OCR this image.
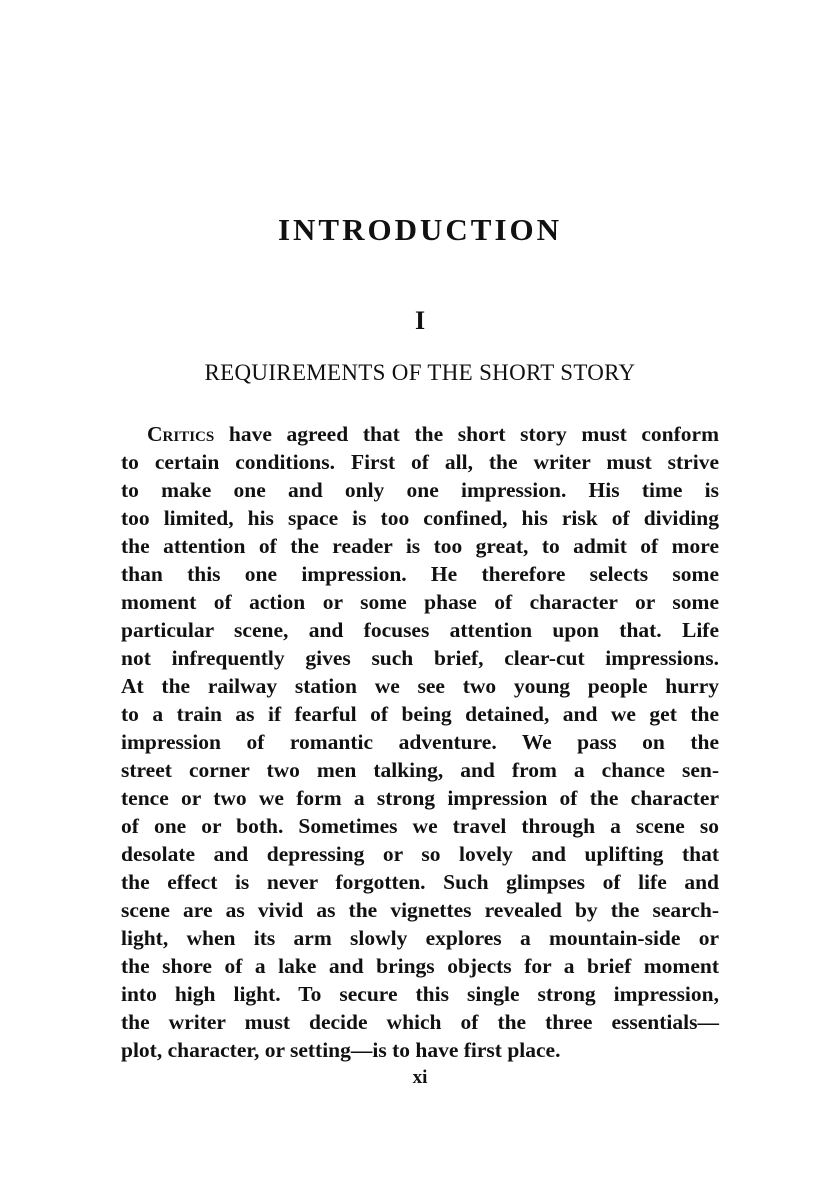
INTRODUCTION
I
REQUIREMENTS OF THE SHORT STORY
Critics have agreed that the short story must conform
to certain conditions. First of all, the writer must strive
to make one and only one impression. His time is
too limited, his space is too confined, his risk of dividing
the attention of the reader is too great, to admit of more
than this one impression. He therefore selects some
moment of action or some phase of character or some
particular scene, and focuses attention upon that. Life
not infrequently gives such brief, clear-cut impressions.
At the railway station we see two young people hurry
to a train as if fearful of being detained, and we get the
impression of romantic adventure. We pass on the
street corner two men talking, and from a chance sen-
tence or two we form a strong impression of the character
of one or both. Sometimes we travel through a scene so
desolate and depressing or so lovely and uplifting that
the effect is never forgotten. Such glimpses of life and
scene are as vivid as the vignettes revealed by the search-
light, when its arm slowly explores a mountain-side or
the shore of a lake and brings objects for a brief moment
into high light. To secure this single strong impression,
the writer must decide which of the three essentials—
plot, character, or setting—is to have first place.
xi
